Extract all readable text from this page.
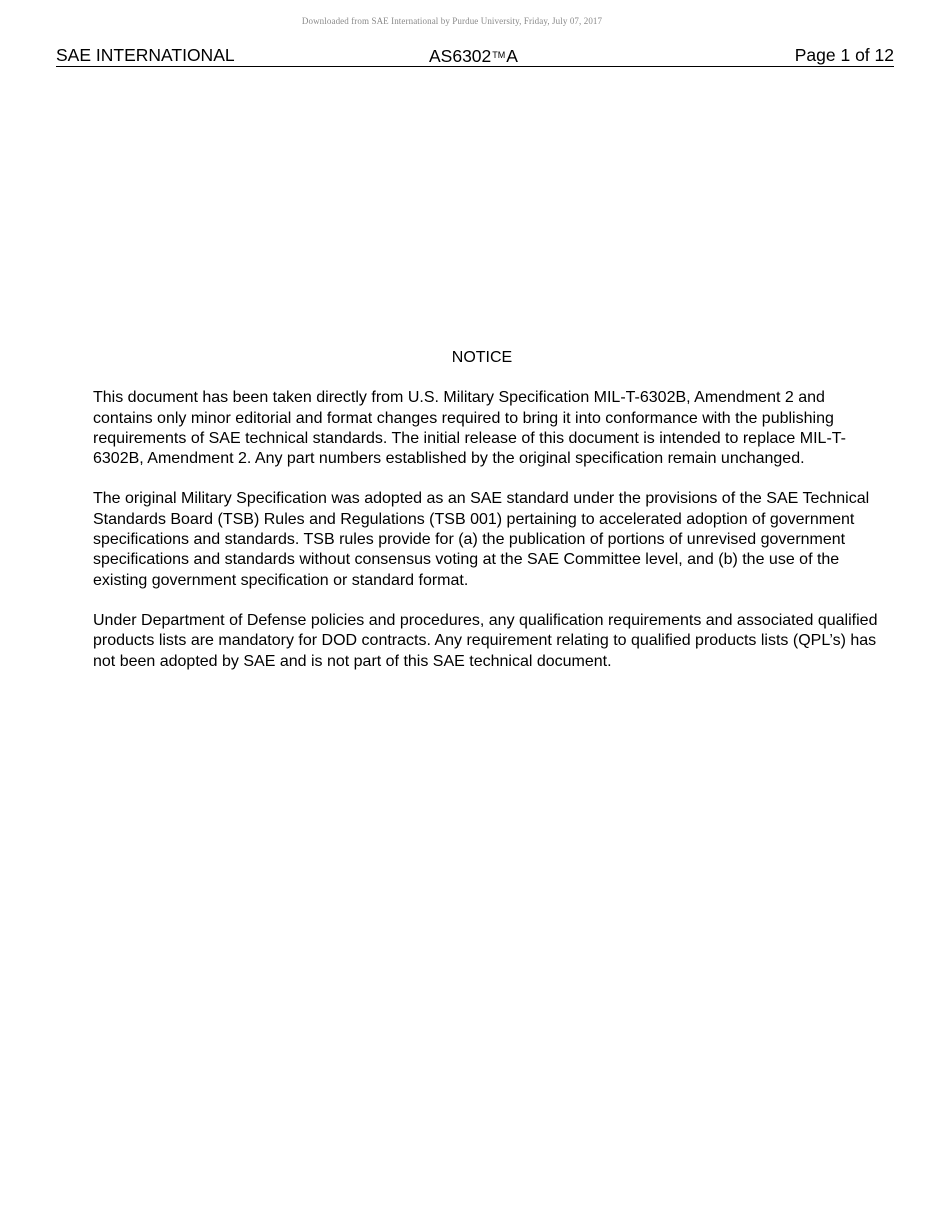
Downloaded from SAE International by Purdue University, Friday, July 07, 2017
SAE INTERNATIONAL	AS6302™A	Page 1 of 12
NOTICE

This document has been taken directly from U.S. Military Specification MIL-T-6302B, Amendment 2 and contains only minor editorial and format changes required to bring it into conformance with the publishing requirements of SAE technical standards. The initial release of this document is intended to replace MIL-T-6302B, Amendment 2. Any part numbers established by the original specification remain unchanged.

The original Military Specification was adopted as an SAE standard under the provisions of the SAE Technical Standards Board (TSB) Rules and Regulations (TSB 001) pertaining to accelerated adoption of government specifications and standards. TSB rules provide for (a) the publication of portions of unrevised government specifications and standards without consensus voting at the SAE Committee level, and (b) the use of the existing government specification or standard format.

Under Department of Defense policies and procedures, any qualification requirements and associated qualified products lists are mandatory for DOD contracts. Any requirement relating to qualified products lists (QPL’s) has not been adopted by SAE and is not part of this SAE technical document.
